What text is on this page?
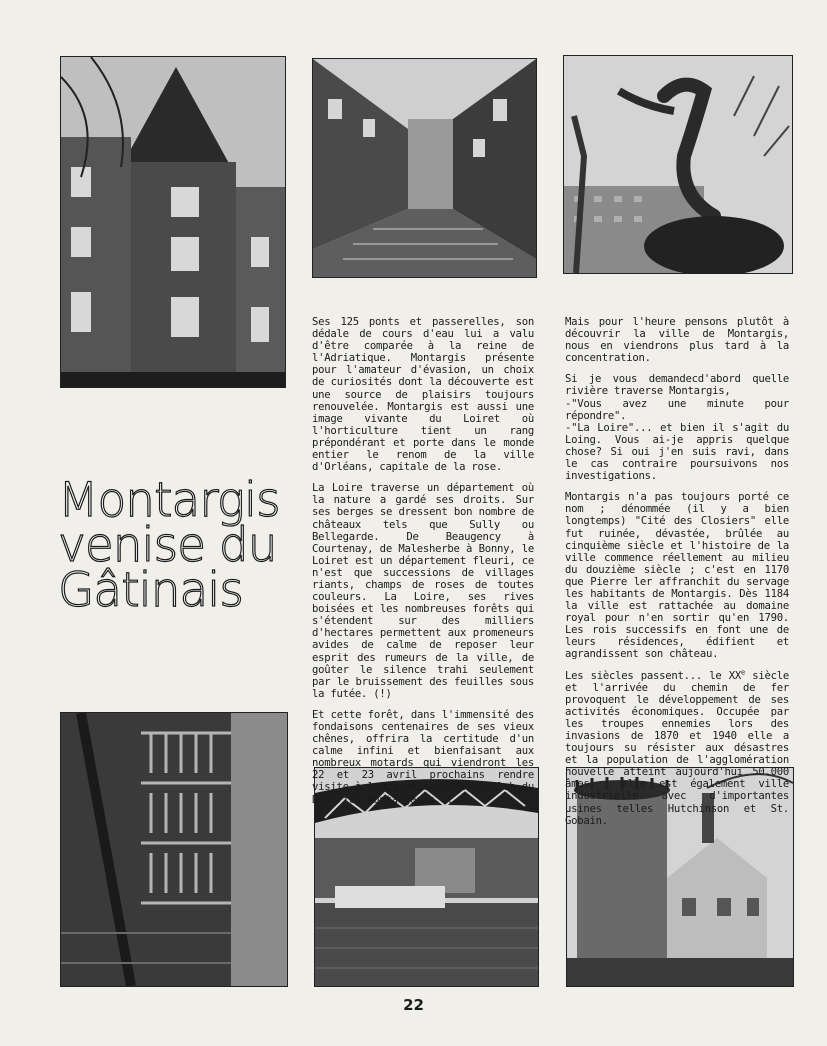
Montargis
venise du
Gâtinais

Ses 125 ponts et passerelles, son dédale de cours d'eau lui a valu d'être comparée à la reine de l'Adriatique. Montargis présente pour l'amateur d'évasion, un choix de curiosités dont la découverte est une source de plaisirs toujours renouvelée. Montargis est aussi une image vivante du Loiret où l'horticulture tient un rang prépondérant et porte dans le monde entier le renom de la ville d'Orléans, capitale de la rose.

La Loire traverse un département où la nature a gardé ses droits. Sur ses berges se dressent bon nombre de châteaux tels que Sully ou Bellegarde. De Beaugency à Courtenay, de Malesherbe à Bonny, le Loiret est un département fleuri, ce n'est que successions de villages riants, champs de roses de toutes couleurs. La Loire, ses rives boisées et les nombreuses forêts qui s'étendent sur des milliers d'hectares permettent aux promeneurs avides de calme de reposer leur esprit des rumeurs de la ville, de goûter le silence trahi seulement par le bruissement des feuilles sous la futée. (!)

Et cette forêt, dans l'immensité des fondaisons centenaires de ses vieux chênes, offrira la certitude d'un calme infini et bienfaisant aux nombreux motards qui viendront les 22 et 23 avril prochains rendre visite à leurs amis du Motor-Club du District Montargeois...

Mais pour l'heure pensons plutôt à découvrir la ville de Montargis, nous en viendrons plus tard à la concentration.

Si je vous demandecd'abord quelle rivière traverse Montargis,

-"Vous avez une minute pour répondre".

-"La Loire"... et bien il s'agit du Loing. Vous ai-je appris quelque chose? Si oui j'en suis ravi, dans le cas contraire poursuivons nos investigations.

Montargis n'a pas toujours porté ce nom ; dénommée (il y a bien longtemps) "Cité des Closiers" elle fut ruinée, dévastée, brûlée au cinquième siècle et l'histoire de la ville commence réellement au milieu du douzième siècle ; c'est en 1170 que Pierre ler affranchit du servage les habitants de Montargis. Dès 1184 la ville est rattachée au domaine royal pour n'en sortir qu'en 1790. Les rois successifs en font une de leurs résidences, édifient et agrandissent son château.

Les siècles passent... le XXe siècle et l'arrivée du chemin de fer provoquent le développement de ses activités économiques. Occupée par les troupes ennemies lors des invasions de 1870 et 1940 elle a toujours su résister aux désastres et la population de l'agglomération nouvelle atteint aujourd'hui 50.000 âmes ; elle est également ville industrielle avec d'importantes usines telles Hutchinson et St. Gobain.

22
